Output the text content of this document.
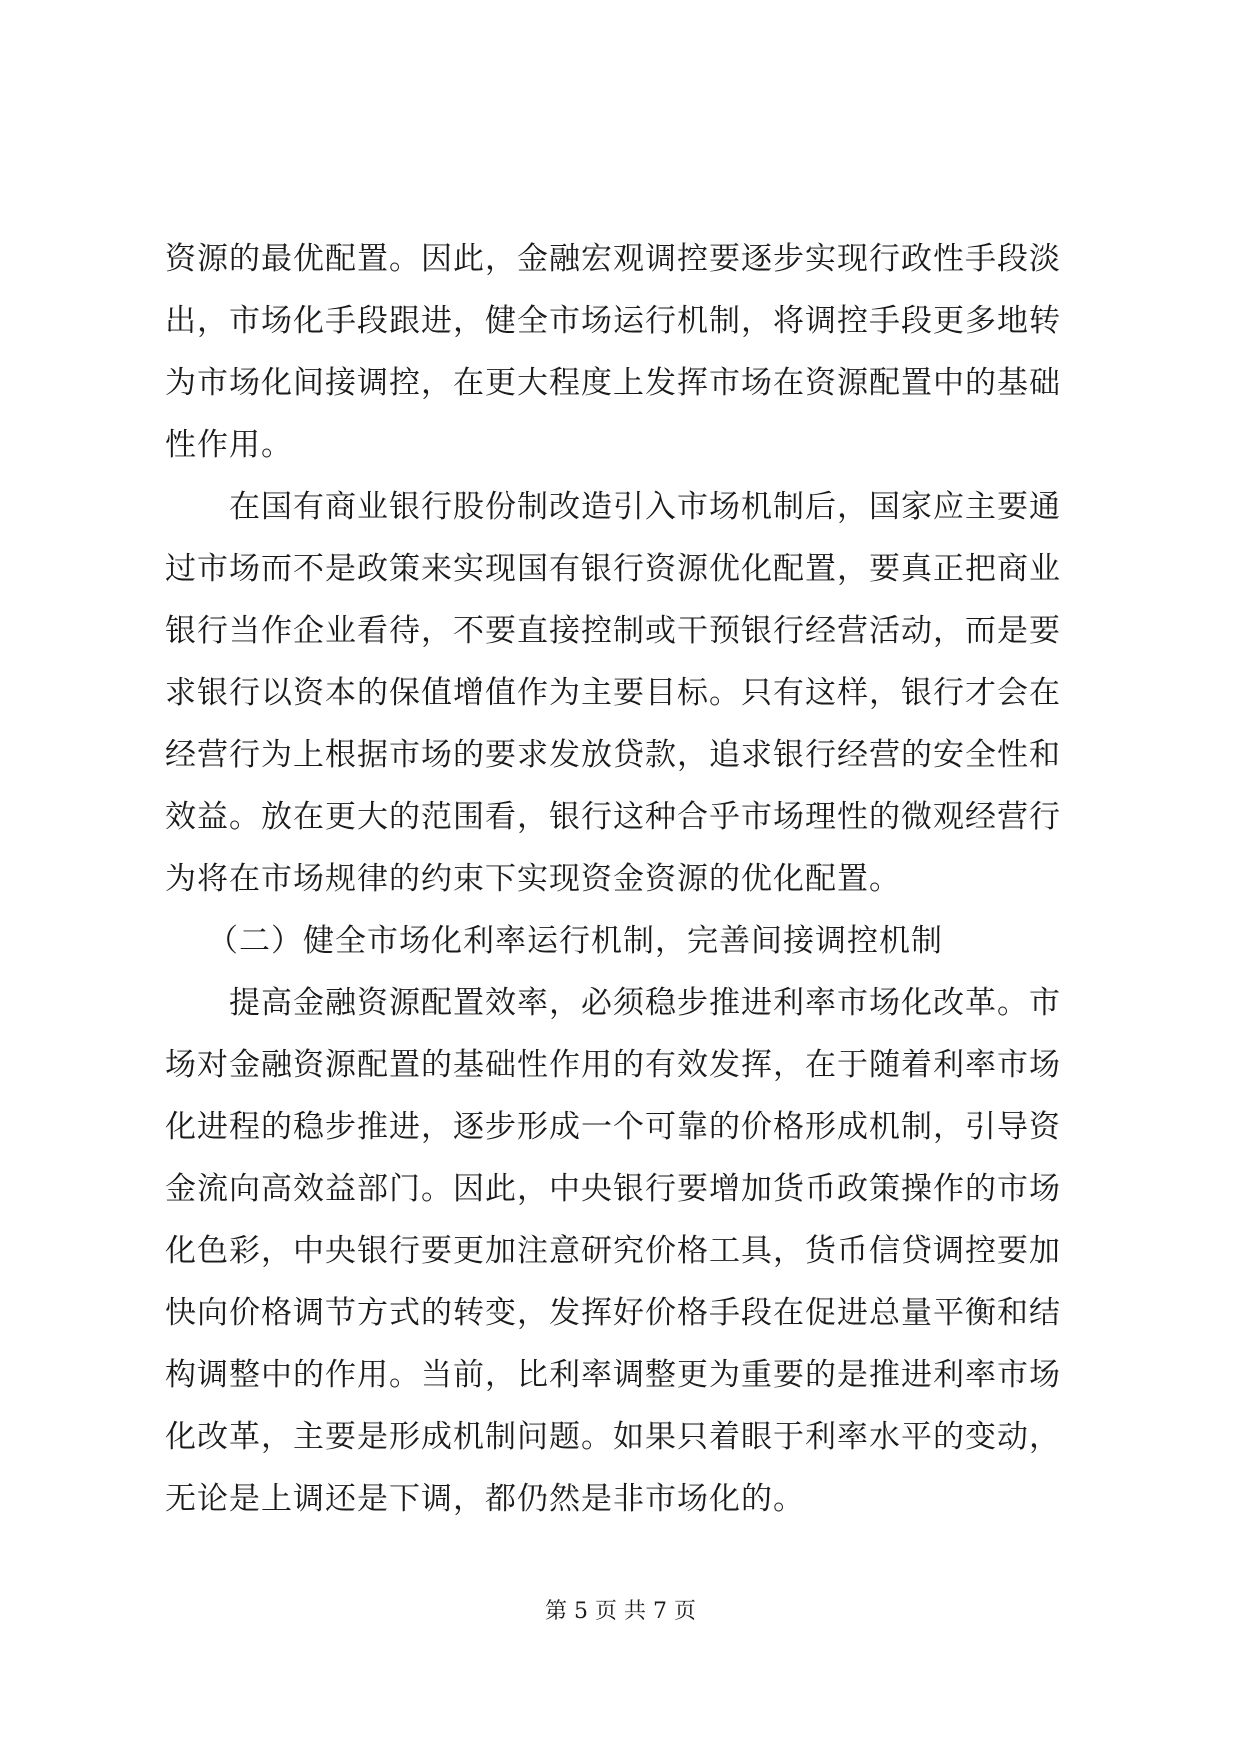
资源的最优配置。因此，金融宏观调控要逐步实现行政性手段淡
出，市场化手段跟进，健全市场运行机制，将调控手段更多地转
为市场化间接调控，在更大程度上发挥市场在资源配置中的基础
性作用。
　　在国有商业银行股份制改造引入市场机制后，国家应主要通
过市场而不是政策来实现国有银行资源优化配置，要真正把商业
银行当作企业看待，不要直接控制或干预银行经营活动，而是要
求银行以资本的保值增值作为主要目标。只有这样，银行才会在
经营行为上根据市场的要求发放贷款，追求银行经营的安全性和
效益。放在更大的范围看，银行这种合乎市场理性的微观经营行
为将在市场规律的约束下实现资金资源的优化配置。
（二）健全市场化利率运行机制，完善间接调控机制
　　提高金融资源配置效率，必须稳步推进利率市场化改革。市
场对金融资源配置的基础性作用的有效发挥，在于随着利率市场
化进程的稳步推进，逐步形成一个可靠的价格形成机制，引导资
金流向高效益部门。因此，中央银行要增加货币政策操作的市场
化色彩，中央银行要更加注意研究价格工具，货币信贷调控要加
快向价格调节方式的转变，发挥好价格手段在促进总量平衡和结
构调整中的作用。当前，比利率调整更为重要的是推进利率市场
化改革，主要是形成机制问题。如果只着眼于利率水平的变动，
无论是上调还是下调，都仍然是非市场化的。
第 5 页 共 7 页
